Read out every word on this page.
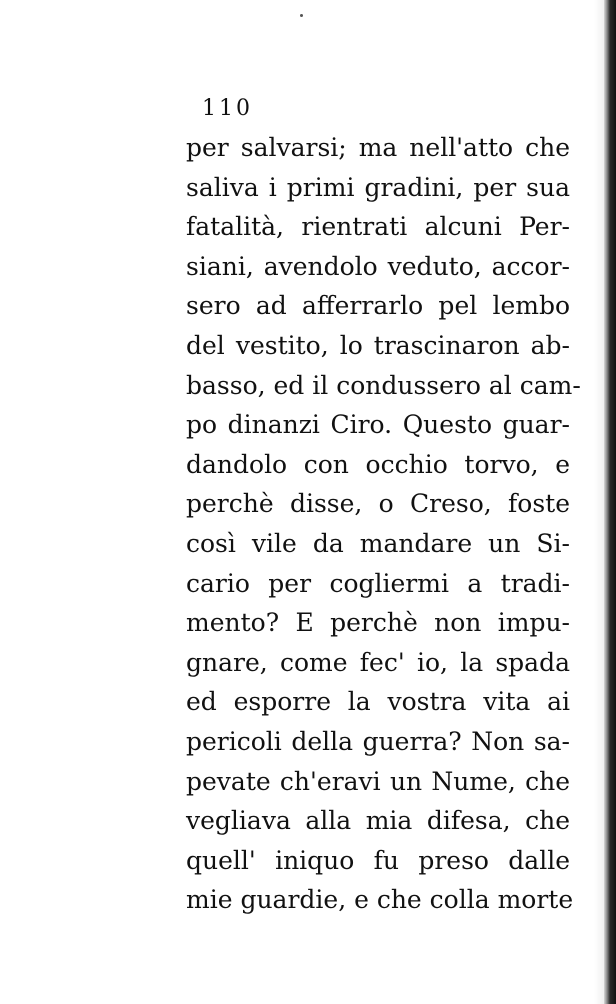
110
per salvarsi; ma nell'atto che
saliva i primi gradini, per sua
fatalità, rientrati alcuni Per-
siani, avendolo veduto, accor-
sero ad afferrarlo pel lembo
del vestito, lo trascinaron ab-
basso, ed il condussero al cam-
po dinanzi Ciro. Questo guar-
dandolo con occhio torvo, e
perchè disse, o Creso, foste
così vile da mandare un Si-
cario per cogliermi a tradi-
mento? E perchè non impu-
gnare, come fec' io, la spada
ed esporre la vostra vita ai
pericoli della guerra? Non sa-
pevate ch'eravi un Nume, che
vegliava alla mia difesa, che
quell' iniquo fu preso dalle
mie guardie, e che colla morte
